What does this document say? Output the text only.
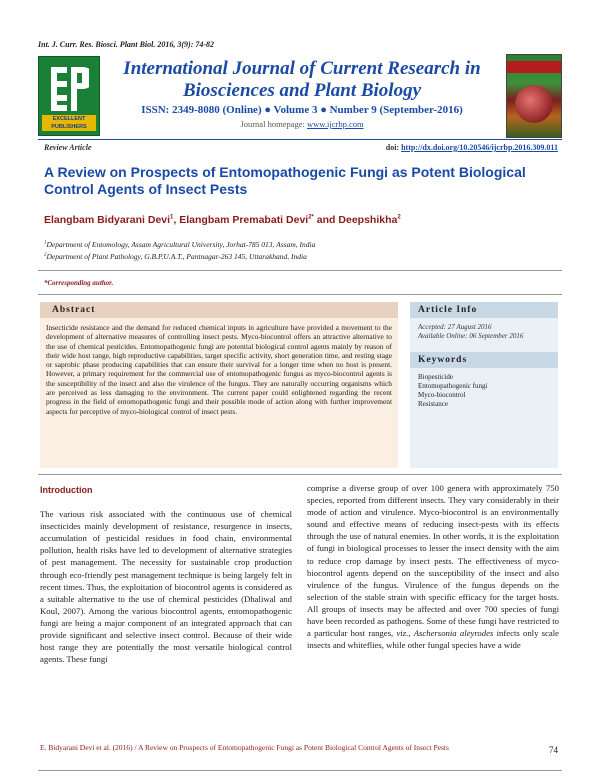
Int. J. Curr. Res. Biosci. Plant Biol. 2016, 3(9): 74-82
EXCELLENT PUBLISHERS
International Journal of Current Research in
Biosciences and Plant Biology
ISSN: 2349-8080 (Online) ● Volume 3 ● Number 9 (September-2016)
Journal homepage: www.ijcrbp.com
Review Article	doi: http://dx.doi.org/10.20546/ijcrbp.2016.309.011
A Review on Prospects of Entomopathogenic Fungi as Potent Biological Control Agents of Insect Pests
Elangbam Bidyarani Devi$^1$, Elangbam Premabati Devi$^{2*}$ and Deepshikha$^2$
$^1$Department of Entomology, Assam Agricultural University, Jorhat-785 013, Assam, India
$^2$Department of Plant Pathology, G.B.P.U.A.T., Pantnagar-263 145, Uttarakhand, India
*Corresponding author.
Abstract
Insecticide resistance and the demand for reduced chemical inputs in agriculture have provided a movement to the development of alternative measures of controlling insect pests. Myco-biocontrol offers an attractive alternative to the use of chemical pesticides. Entomopathogenic fungi are potential biological control agents mainly by reason of their wide host range, high reproductive capabilities, target specific activity, short generation time, and resting stage or saprobic phase producing capabilities that can ensure their survival for a longer time when no host is present. However, a primary requirement for the commercial use of entomopathogenic fungus as myco-biocontrol agents is the susceptibility of the insect and also the virulence of the fungus. They are naturally occurring organisms which are perceived as less damaging to the environment. The current paper could enlightened regarding the recent progress in the field of entomopathogenic fungi and their possible mode of action along with further improvement aspects for perceptive of myco-biological control of insect pests.
Article Info
Accepted: 27 August 2016
Available Online: 06 September 2016
Keywords
Biopesticide
Entomopathogenic fungi
Myco-biocontrol
Resistance
Introduction
The various risk associated with the continuous use of chemical insecticides mainly development of resistance, resurgence in insects, accumulation of pesticidal residues in food chain, environmental pollution, health risks have led to development of alternative strategies of pest management. The necessity for sustainable crop production through eco-friendly pest management technique is being largely felt in recent times. Thus, the exploitation of biocontrol agents is considered as a suitable alternative to the use of chemical pesticides (Dhaliwal and Koul, 2007). Among the various biocontrol agents, entomopathogenic fungi are being a major component of an integrated approach that can provide significant and selective insect control. Because of their wide host range they are potentially the most versatile biological control agents. These fungi
comprise a diverse group of over 100 genera with approximately 750 species, reported from different insects. They vary considerably in their mode of action and virulence. Myco-biocontrol is an environmentally sound and effective means of reducing insect-pests with its effects through the use of natural enemies. In other words, it is the exploitation of fungi in biological processes to lesser the insect density with the aim to reduce crop damage by insect pests. The effectiveness of myco-biocontrol agents depend on the susceptibility of the insect and also virulence of the fungus. Virulence of the fungus depends on the selection of the stable strain with specific efficacy for the target hosts. All groups of insects may be affected and over 700 species of fungi have been recorded as pathogens. Some of these fungi have restricted to a particular host ranges, viz., Aschersonia aleyrodes infects only scale insects and whiteflies, while other fungal species have a wide
E. Bidyarani Devi et al. (2016) / A Review on Prospects of Entomopathogenic Fungi as Potent Biological Control Agents of Insect Pests	74
